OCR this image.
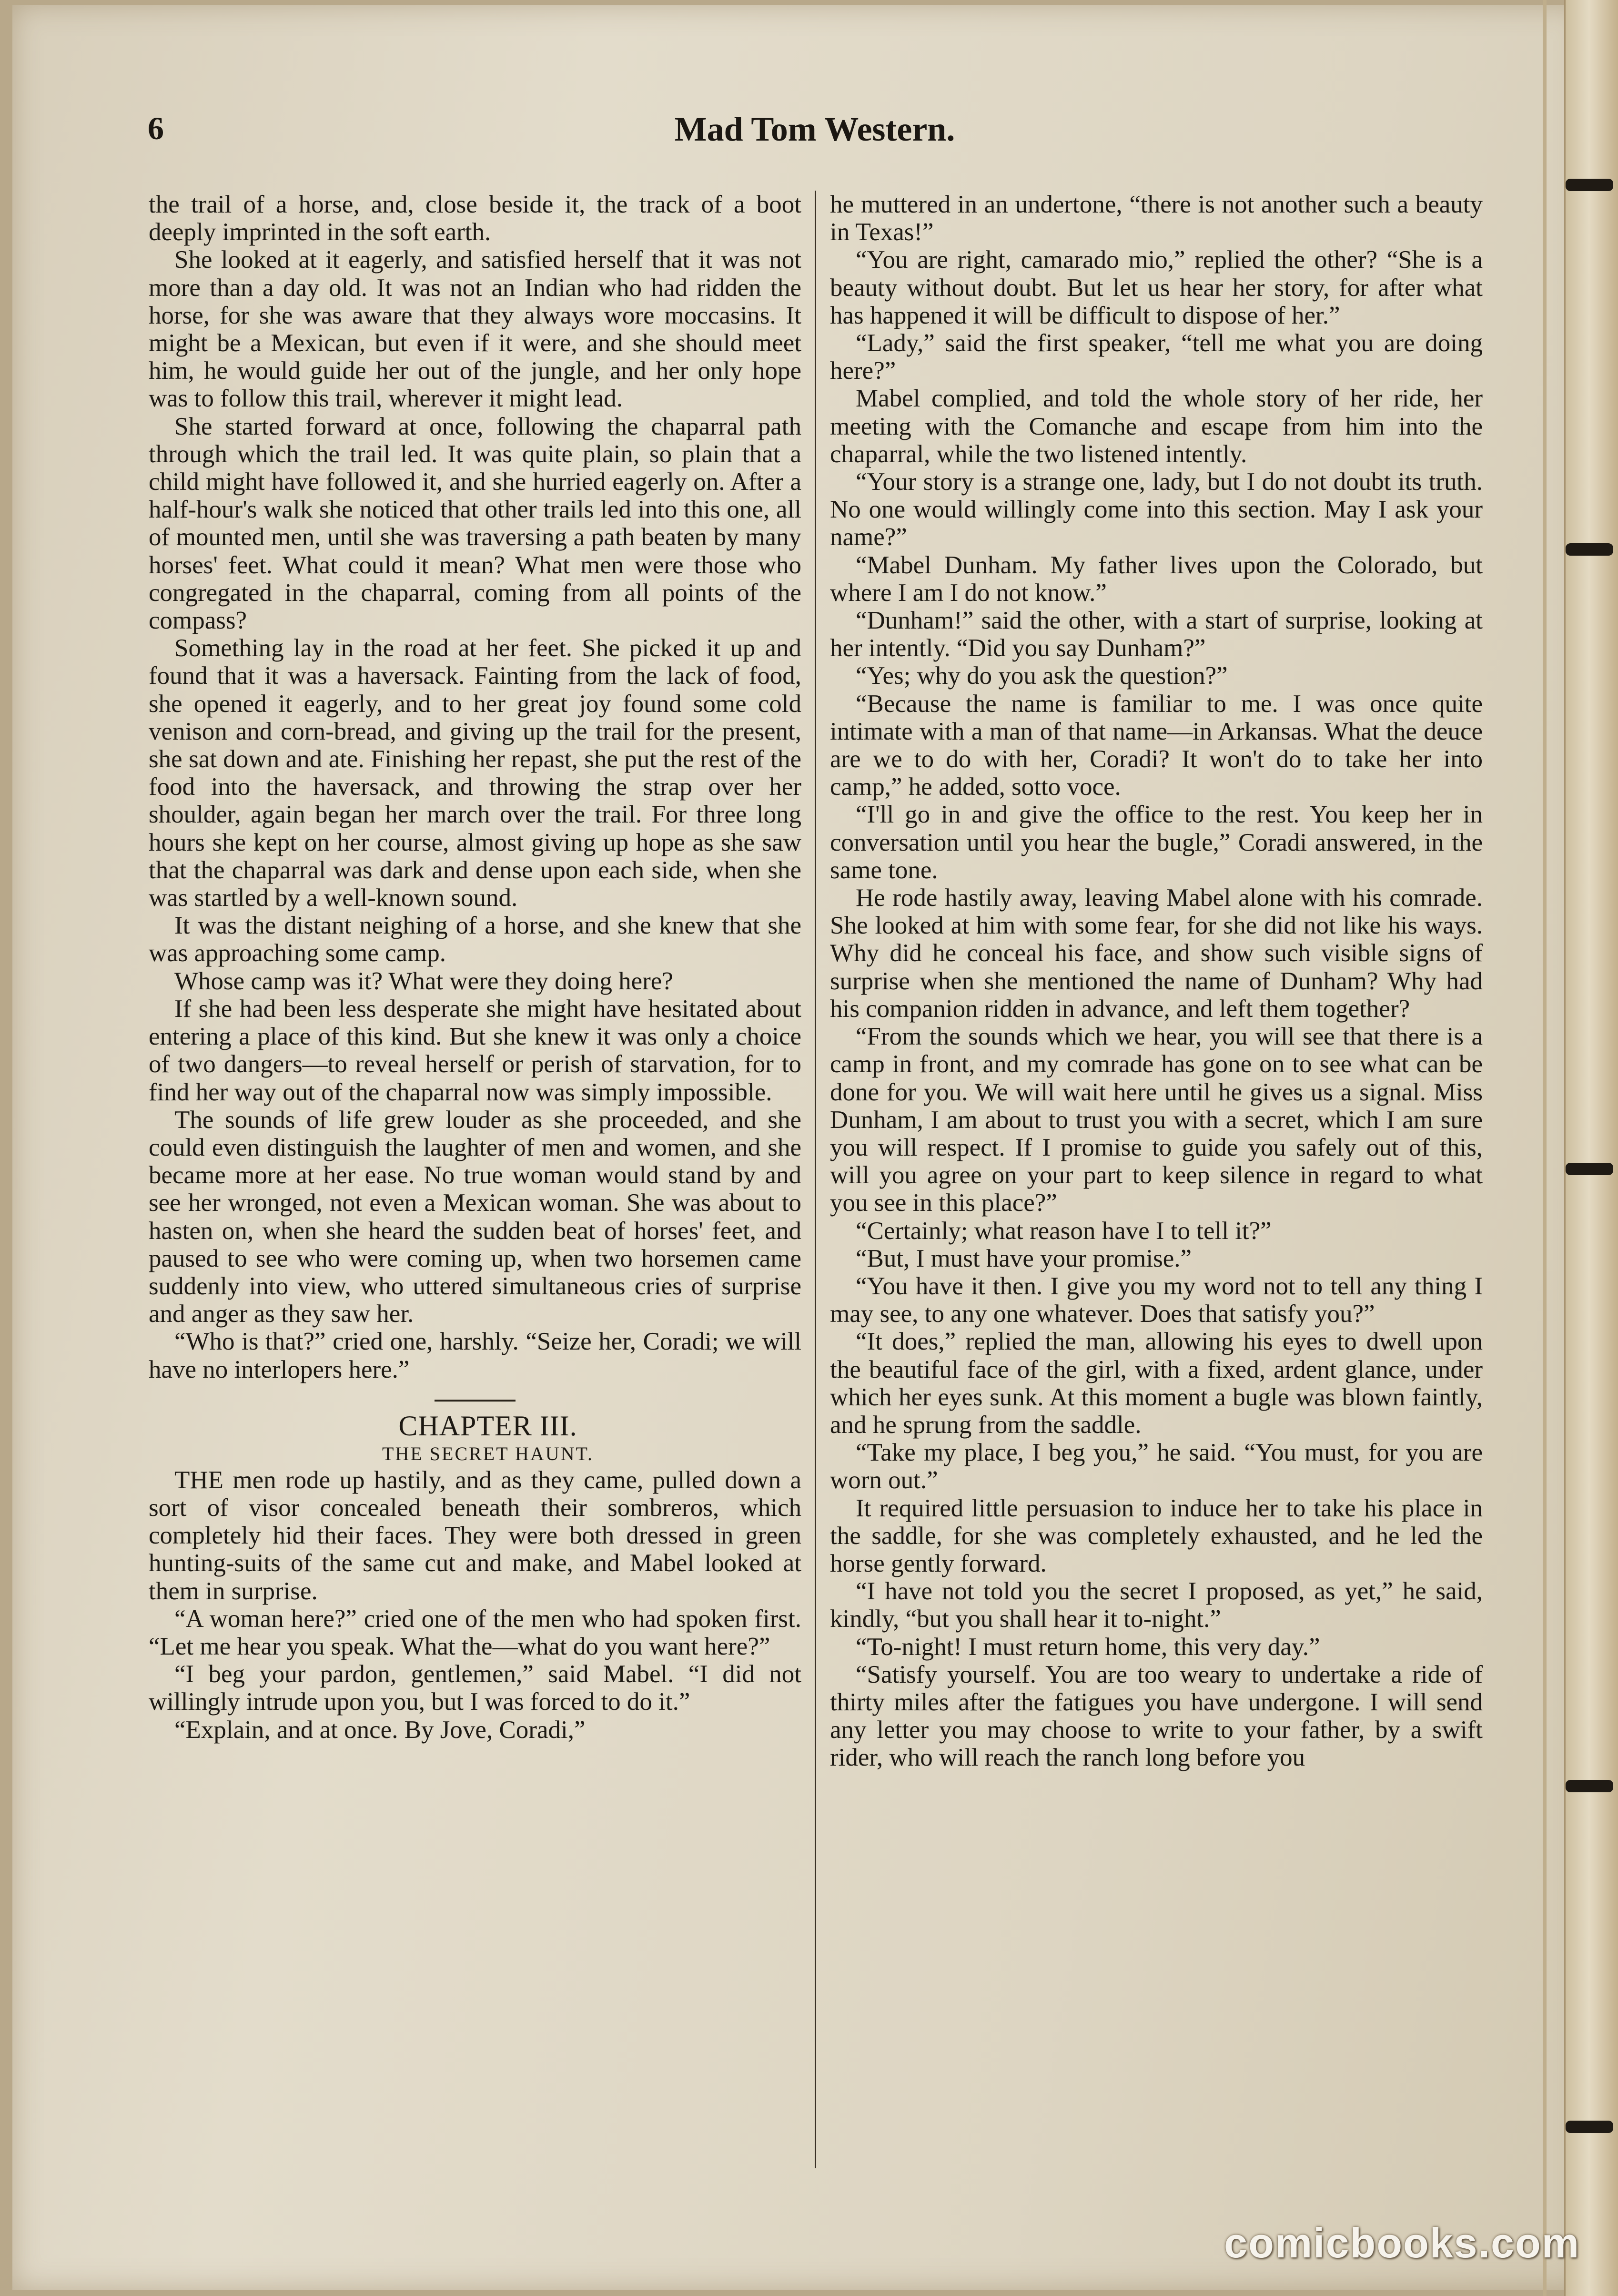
6	Mad Tom Western.

the trail of a horse, and, close beside it, the track of a boot deeply imprinted in the soft earth.

She looked at it eagerly, and satisfied herself that it was not more than a day old. It was not an Indian who had ridden the horse, for she was aware that they always wore moccasins. It might be a Mexican, but even if it were, and she should meet him, he would guide her out of the jungle, and her only hope was to follow this trail, wherever it might lead.

She started forward at once, following the chaparral path through which the trail led. It was quite plain, so plain that a child might have followed it, and she hurried eagerly on. After a half-hour's walk she noticed that other trails led into this one, all of mounted men, until she was traversing a path beaten by many horses' feet. What could it mean? What men were those who congregated in the chaparral, coming from all points of the compass?

Something lay in the road at her feet. She picked it up and found that it was a haversack. Fainting from the lack of food, she opened it eagerly, and to her great joy found some cold venison and corn-bread, and giving up the trail for the present, she sat down and ate. Finishing her repast, she put the rest of the food into the haversack, and throwing the strap over her shoulder, again began her march over the trail. For three long hours she kept on her course, almost giving up hope as she saw that the chaparral was dark and dense upon each side, when she was startled by a well-known sound.

It was the distant neighing of a horse, and she knew that she was approaching some camp.

Whose camp was it? What were they doing here?

If she had been less desperate she might have hesitated about entering a place of this kind. But she knew it was only a choice of two dangers—to reveal herself or perish of starvation, for to find her way out of the chaparral now was simply impossible.

The sounds of life grew louder as she proceeded, and she could even distinguish the laughter of men and women, and she became more at her ease. No true woman would stand by and see her wronged, not even a Mexican woman. She was about to hasten on, when she heard the sudden beat of horses' feet, and paused to see who were coming up, when two horsemen came suddenly into view, who uttered simultaneous cries of surprise and anger as they saw her.

“Who is that?” cried one, harshly. “Seize her, Coradi; we will have no interlopers here.”

CHAPTER III.

THE SECRET HAUNT.

THE men rode up hastily, and as they came, pulled down a sort of visor concealed beneath their sombreros, which completely hid their faces. They were both dressed in green hunting-suits of the same cut and make, and Mabel looked at them in surprise.

“A woman here?” cried one of the men who had spoken first. “Let me hear you speak. What the—what do you want here?”

“I beg your pardon, gentlemen,” said Mabel. “I did not willingly intrude upon you, but I was forced to do it.”

“Explain, and at once. By Jove, Coradi,”

he muttered in an undertone, “there is not another such a beauty in Texas!”

“You are right, camarado mio,” replied the other? “She is a beauty without doubt. But let us hear her story, for after what has happened it will be difficult to dispose of her.”

“Lady,” said the first speaker, “tell me what you are doing here?”

Mabel complied, and told the whole story of her ride, her meeting with the Comanche and escape from him into the chaparral, while the two listened intently.

“Your story is a strange one, lady, but I do not doubt its truth. No one would willingly come into this section. May I ask your name?”

“Mabel Dunham. My father lives upon the Colorado, but where I am I do not know.”

“Dunham!” said the other, with a start of surprise, looking at her intently. “Did you say Dunham?”

“Yes; why do you ask the question?”

“Because the name is familiar to me. I was once quite intimate with a man of that name—in Arkansas. What the deuce are we to do with her, Coradi? It won't do to take her into camp,” he added, sotto voce.

“I'll go in and give the office to the rest. You keep her in conversation until you hear the bugle,” Coradi answered, in the same tone.

He rode hastily away, leaving Mabel alone with his comrade. She looked at him with some fear, for she did not like his ways. Why did he conceal his face, and show such visible signs of surprise when she mentioned the name of Dunham? Why had his companion ridden in advance, and left them together?

“From the sounds which we hear, you will see that there is a camp in front, and my comrade has gone on to see what can be done for you. We will wait here until he gives us a signal. Miss Dunham, I am about to trust you with a secret, which I am sure you will respect. If I promise to guide you safely out of this, will you agree on your part to keep silence in regard to what you see in this place?”

“Certainly; what reason have I to tell it?”

“But, I must have your promise.”

“You have it then. I give you my word not to tell any thing I may see, to any one whatever. Does that satisfy you?”

“It does,” replied the man, allowing his eyes to dwell upon the beautiful face of the girl, with a fixed, ardent glance, under which her eyes sunk. At this moment a bugle was blown faintly, and he sprung from the saddle.

“Take my place, I beg you,” he said. “You must, for you are worn out.”

It required little persuasion to induce her to take his place in the saddle, for she was completely exhausted, and he led the horse gently forward.

“I have not told you the secret I proposed, as yet,” he said, kindly, “but you shall hear it to-night.”

“To-night! I must return home, this very day.”

“Satisfy yourself. You are too weary to undertake a ride of thirty miles after the fatigues you have undergone. I will send any letter you may choose to write to your father, by a swift rider, who will reach the ranch long before you

comicbooks.com
